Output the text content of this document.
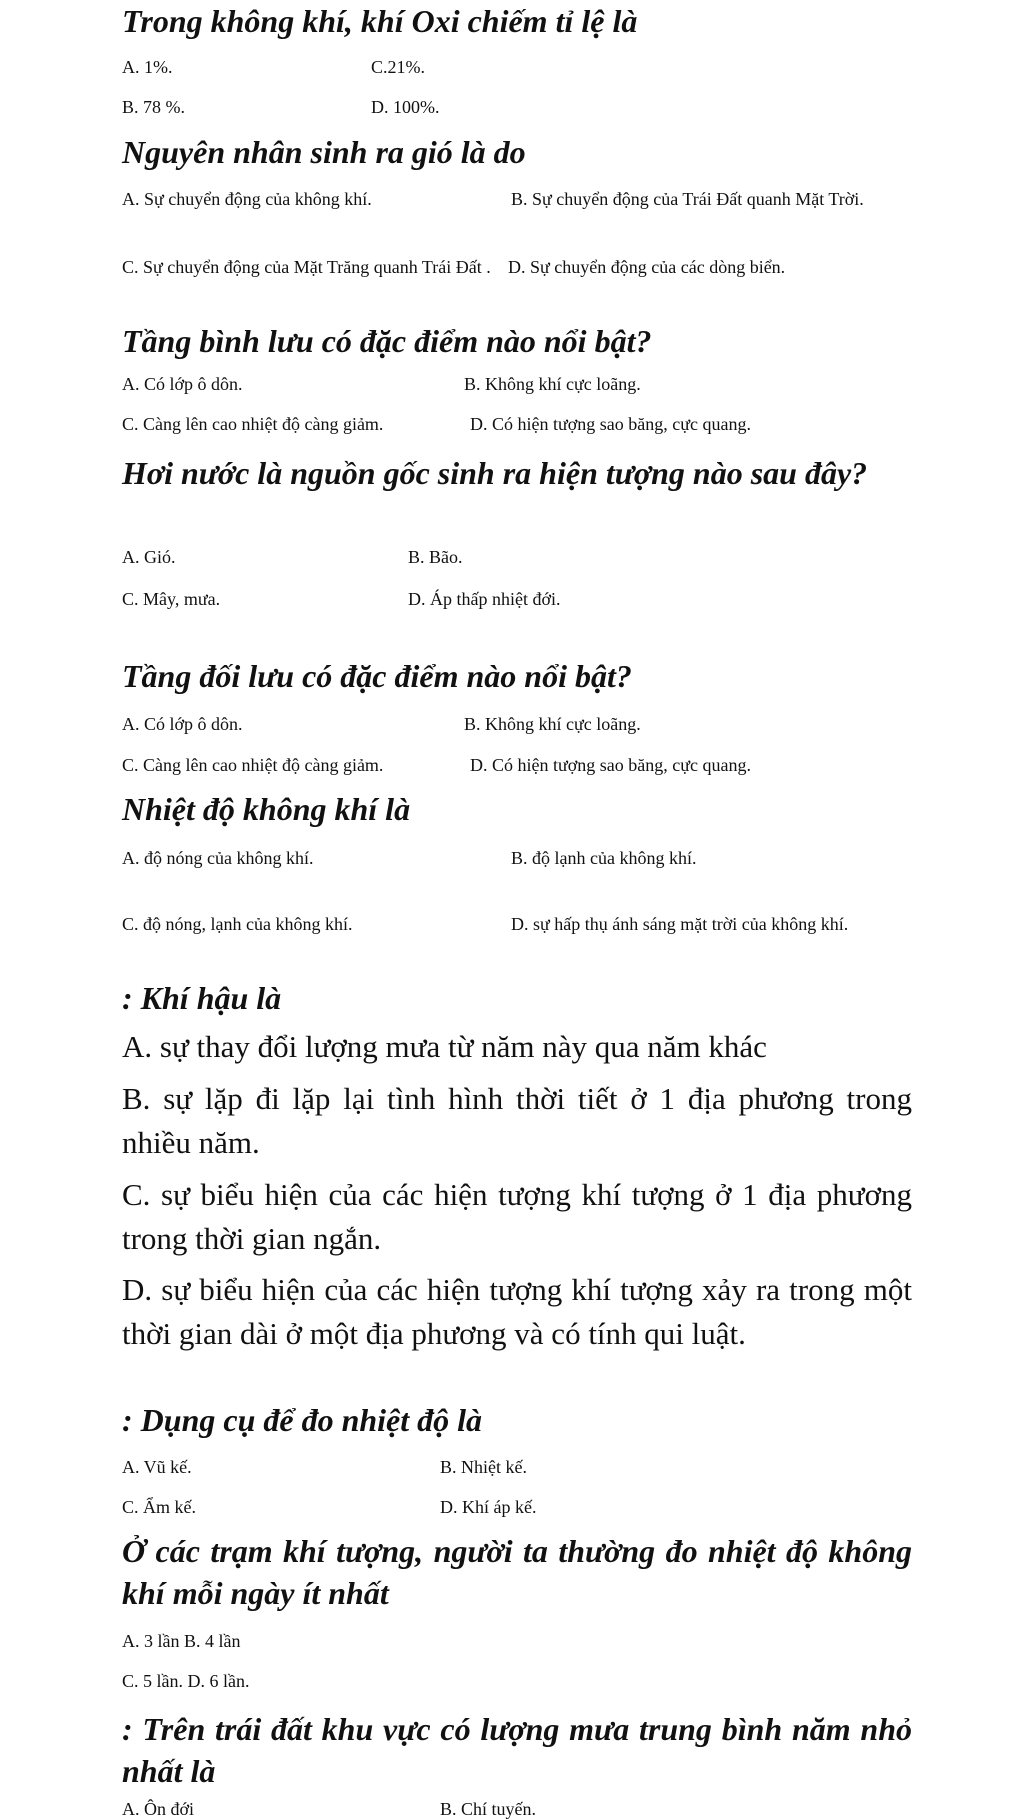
Trong không khí, khí Oxi chiếm tỉ lệ là
A. 1%.	C.21%.
B. 78 %.	D. 100%.
Nguyên nhân sinh ra gió là do
A. Sự chuyển động của không khí.	B. Sự chuyển động của Trái Đất quanh Mặt Trời.
C. Sự chuyển động của Mặt Trăng quanh Trái Đất . D. Sự chuyển động của các dòng biển.
Tầng bình lưu có đặc điểm nào nổi bật?
A. Có lớp ô dôn.	B. Không khí cực loãng.
C. Càng lên cao nhiệt độ càng giảm.	D. Có hiện tượng sao băng, cực quang.
Hơi nước là nguồn gốc sinh ra hiện tượng nào sau đây?
A. Gió.	B. Bão.
C. Mây, mưa.	D. Áp thấp nhiệt đới.
Tầng đối lưu có đặc điểm nào nổi bật?
A. Có lớp ô dôn.	B. Không khí cực loãng.
C. Càng lên cao nhiệt độ càng giảm.	D. Có hiện tượng sao băng, cực quang.
Nhiệt độ không khí là
A. độ nóng của không khí.	B. độ lạnh của không khí.
C. độ nóng, lạnh của không khí.	D. sự hấp thụ ánh sáng mặt trời của không khí.
: Khí hậu là
A. sự thay đổi lượng mưa từ năm này qua năm khác
B. sự lặp đi lặp lại tình hình thời tiết ở 1 địa phương trong nhiều năm.
C. sự biểu hiện của các hiện tượng khí tượng ở 1 địa phương trong thời gian ngắn.
D. sự biểu hiện của các hiện tượng khí tượng xảy ra trong một thời gian dài ở một địa phương và có tính qui luật.
: Dụng cụ để đo nhiệt độ là
A. Vũ kế.	B. Nhiệt kế.
C. Ẩm kế.	D. Khí áp kế.
Ở các trạm khí tượng, người ta thường đo nhiệt độ không khí mỗi ngày ít nhất
A. 3 lần B. 4 lần
C. 5 lần. D. 6 lần.
: Trên trái đất khu vực có lượng mưa trung bình năm nhỏ nhất là
A. Ôn đới	B. Chí tuyến.
